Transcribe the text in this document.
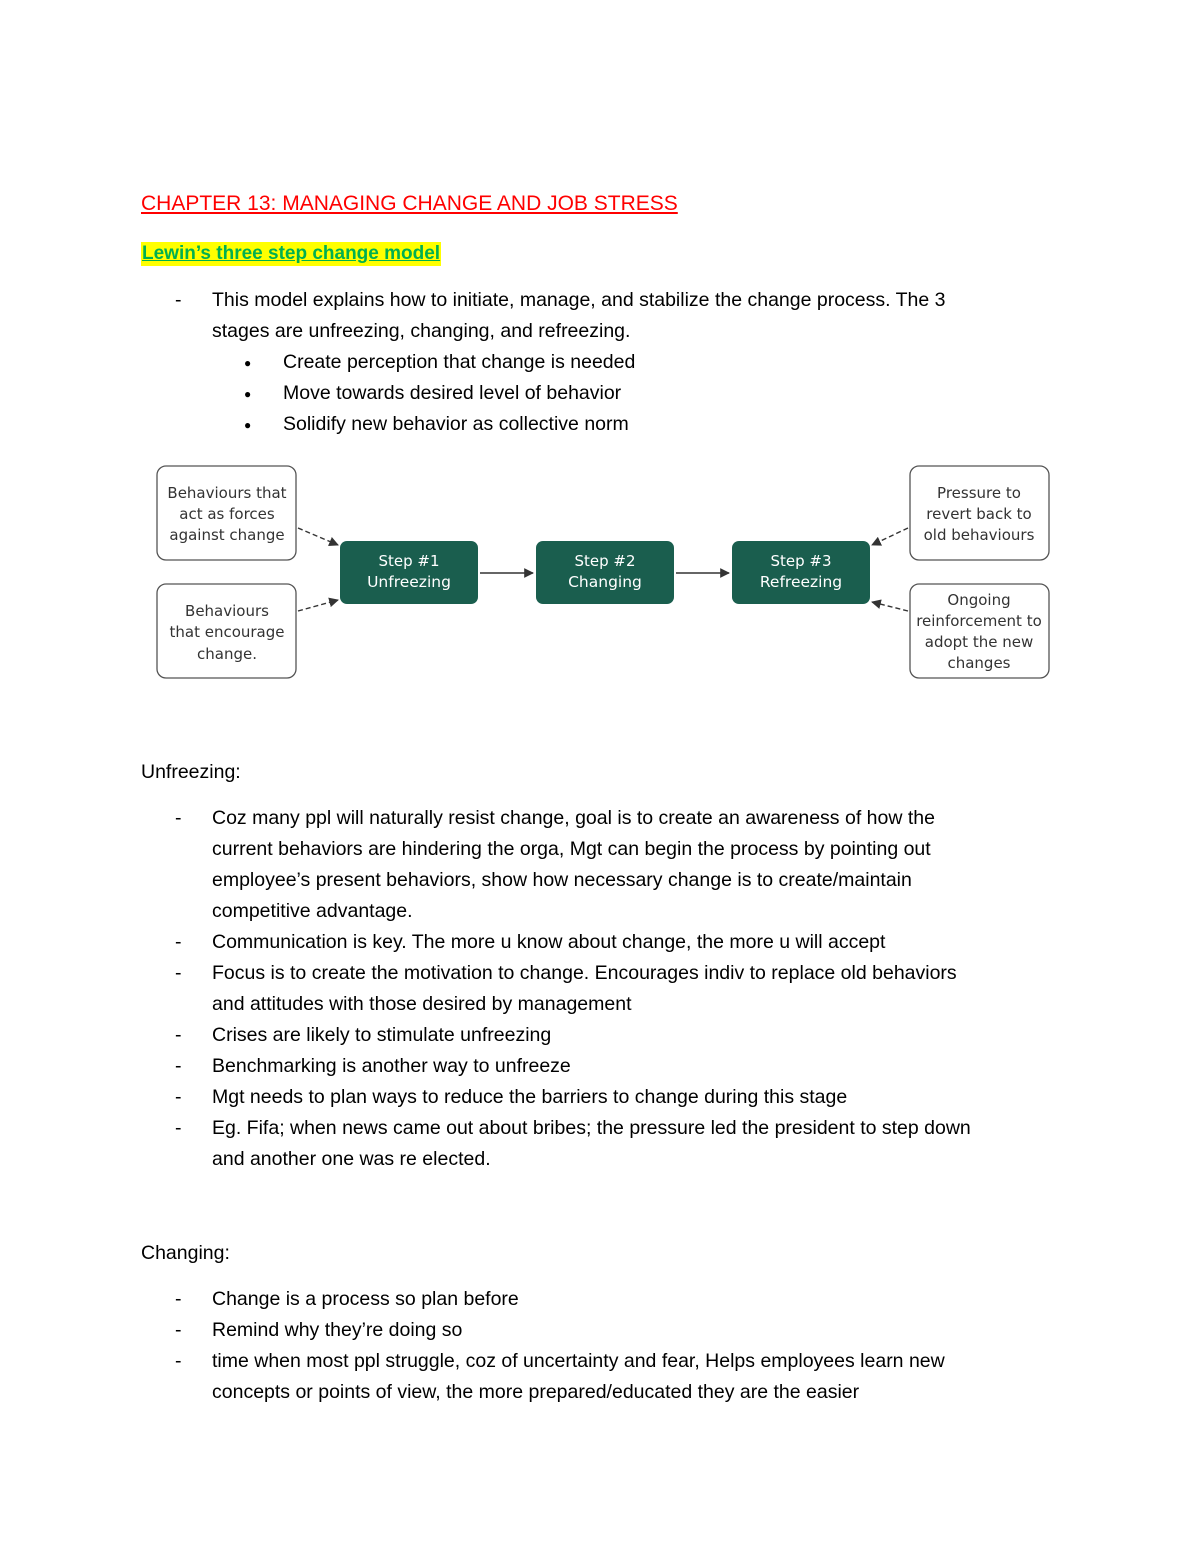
CHAPTER 13: MANAGING CHANGE AND JOB STRESS
Lewin’s three step change model
- This model explains how to initiate, manage, and stabilize the change process. The 3
stages are unfreezing, changing, and refreezing.
● Create perception that change is needed
● Move towards desired level of behavior
● Solidify new behavior as collective norm
Behaviours that
act as forces
against change
Behaviours
that encourage
change.
Step #1
Unfreezing
Step #2
Changing
Step #3
Refreezing
Pressure to
revert back to
old behaviours
Ongoing
reinforcement to
adopt the new
changes
Unfreezing:
- Coz many ppl will naturally resist change, goal is to create an awareness of how the
current behaviors are hindering the orga, Mgt can begin the process by pointing out
employee’s present behaviors, show how necessary change is to create/maintain
competitive advantage.
- Communication is key. The more u know about change, the more u will accept
- Focus is to create the motivation to change. Encourages indiv to replace old behaviors
and attitudes with those desired by management
- Crises are likely to stimulate unfreezing
- Benchmarking is another way to unfreeze
- Mgt needs to plan ways to reduce the barriers to change during this stage
- Eg. Fifa; when news came out about bribes; the pressure led the president to step down
and another one was re elected.
Changing:
- Change is a process so plan before
- Remind why they’re doing so
- time when most ppl struggle, coz of uncertainty and fear, Helps employees learn new
concepts or points of view, the more prepared/educated they are the easier
